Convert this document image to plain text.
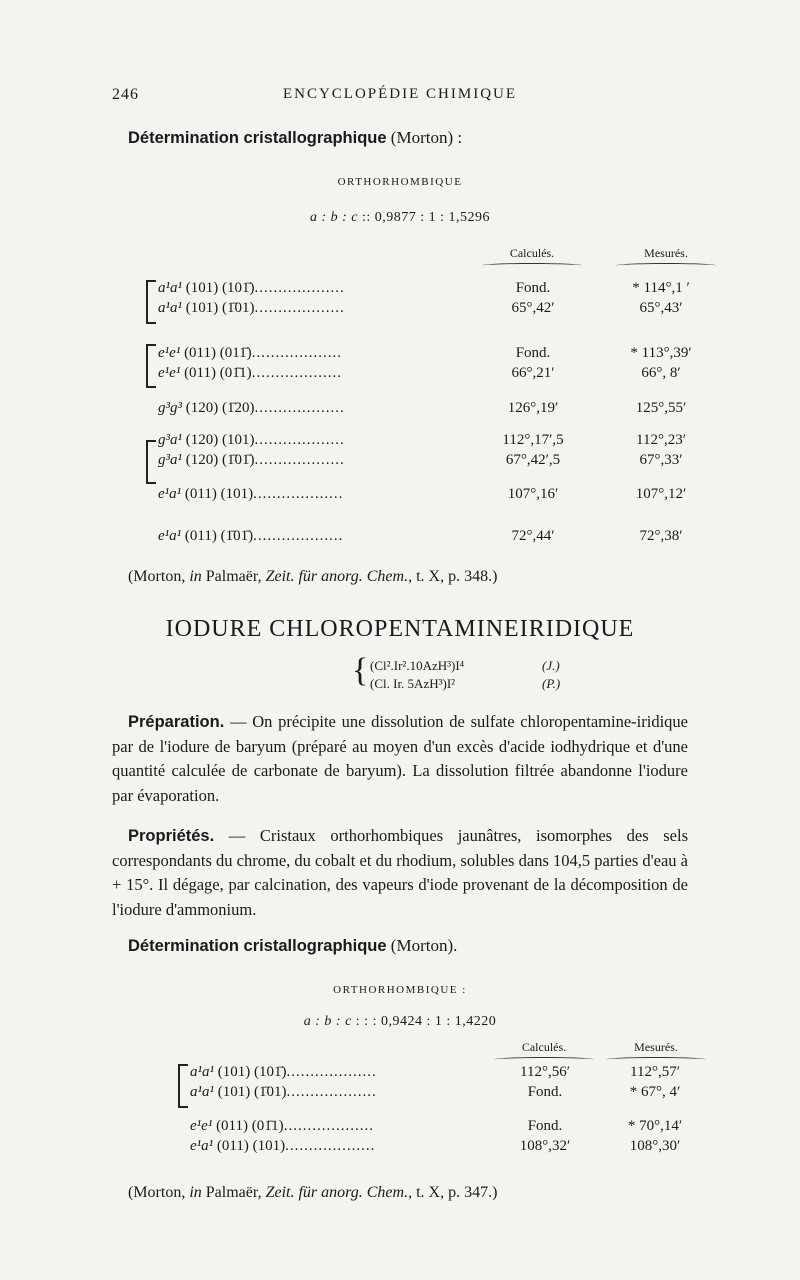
246	ENCYCLOPÉDIE CHIMIQUE
Détermination cristallographique (Morton) :
ORTHORHOMBIQUE
a : b : c :: 0,9877 : 1 : 1,5296
Calculés.	Mesurés.
a¹a¹ (101) (101̄)...................	Fond.	* 114°,1 ′
a¹a¹ (101) (1̄01)...................	65°,42′	65°,43′
e¹e¹ (011) (011̄)...................	Fond.	* 113°,39′
e¹e¹ (011) (01̄1)...................	66°,21′	66°, 8′
g³g³ (120) (1̄20)...................	126°,19′	125°,55′
g³a¹ (120) (101)...................	112°,17′,5	112°,23′
g³a¹ (120) (1̄01̄)...................	67°,42′,5	67°,33′
e¹a¹ (011) (101)...................	107°,16′	107°,12′
e¹a¹ (011) (1̄01̄)...................	72°,44′	72°,38′
(Morton, in Palmaër, Zeit. für anorg. Chem., t. X, p. 348.)
IODURE CHLOROPENTAMINEIRIDIQUE
{ (Cl².Ir².10AzH³)I⁴	(J.)
(Cl. Ir. 5AzH³)I²	(P.)
Préparation. — On précipite une dissolution de sulfate chloropentamine-iridique par de l'iodure de baryum (préparé au moyen d'un excès d'acide iodhydrique et d'une quantité calculée de carbonate de baryum). La dissolution filtrée abandonne l'iodure par évaporation.
Propriétés. — Cristaux orthorhombiques jaunâtres, isomorphes des sels correspondants du chrome, du cobalt et du rhodium, solubles dans 104,5 parties d'eau à + 15°. Il dégage, par calcination, des vapeurs d'iode provenant de la décomposition de l'iodure d'ammonium.
Détermination cristallographique (Morton).
ORTHORHOMBIQUE :
a : b : c : : : 0,9424 : 1 : 1,4220
Calculés.	Mesurés.
a¹a¹ (101) (101̄)...................	112°,56′	112°,57′
a¹a¹ (101) (1̄01)...................	Fond.	* 67°, 4′
e¹e¹ (011) (01̄1)...................	Fond.	* 70°,14′
e¹a¹ (011) (101)...................	108°,32′	108°,30′
(Morton, in Palmaër, Zeit. für anorg. Chem., t. X, p. 347.)
